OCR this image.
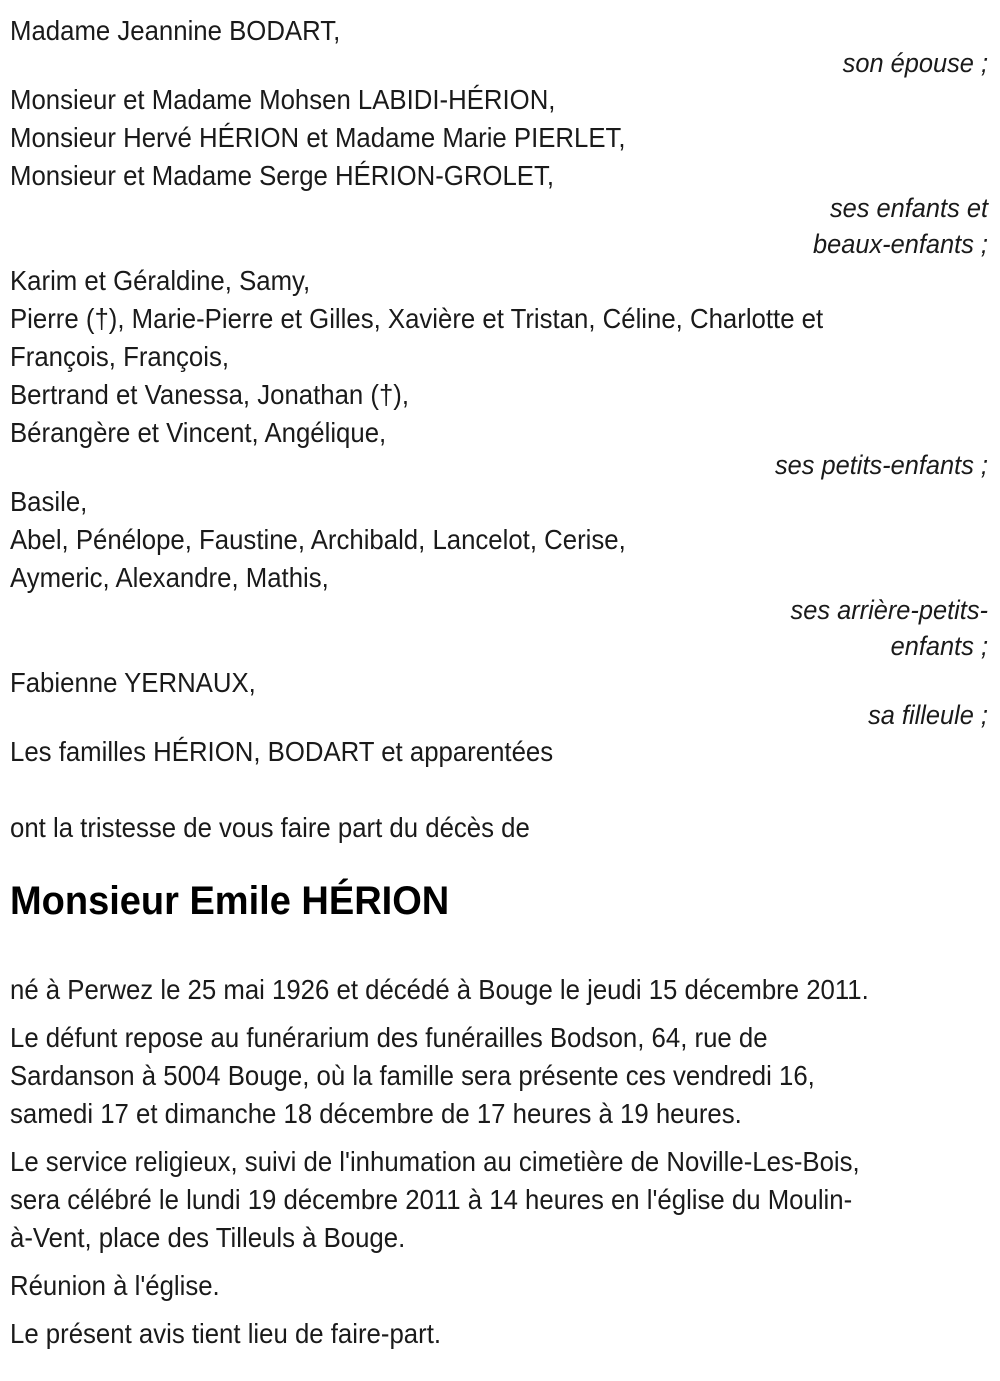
Madame Jeannine BODART,
son épouse ;
Monsieur et Madame Mohsen LABIDI-HÉRION,
Monsieur Hervé HÉRION et Madame Marie PIERLET,
Monsieur et Madame Serge HÉRION-GROLET,
ses enfants et
beaux-enfants ;
Karim et Géraldine, Samy,
Pierre (†), Marie-Pierre et Gilles, Xavière et Tristan, Céline, Charlotte et
François, François,
Bertrand et Vanessa, Jonathan (†),
Bérangère et Vincent, Angélique,
ses petits-enfants ;
Basile,
Abel, Pénélope, Faustine, Archibald, Lancelot, Cerise,
Aymeric, Alexandre, Mathis,
ses arrière-petits-
enfants ;
Fabienne YERNAUX,
sa filleule ;
Les familles HÉRION, BODART et apparentées
ont la tristesse de vous faire part du décès de
Monsieur Emile HÉRION
né à Perwez le 25 mai 1926 et décédé à Bouge le jeudi 15 décembre 2011.
Le défunt repose au funérarium des funérailles Bodson, 64, rue de
Sardanson à 5004 Bouge, où la famille sera présente ces vendredi 16,
samedi 17 et dimanche 18 décembre de 17 heures à 19 heures.
Le service religieux, suivi de l'inhumation au cimetière de Noville-Les-Bois,
sera célébré le lundi 19 décembre 2011 à 14 heures en l'église du Moulin-
à-Vent, place des Tilleuls à Bouge.
Réunion à l'église.
Le présent avis tient lieu de faire-part.
